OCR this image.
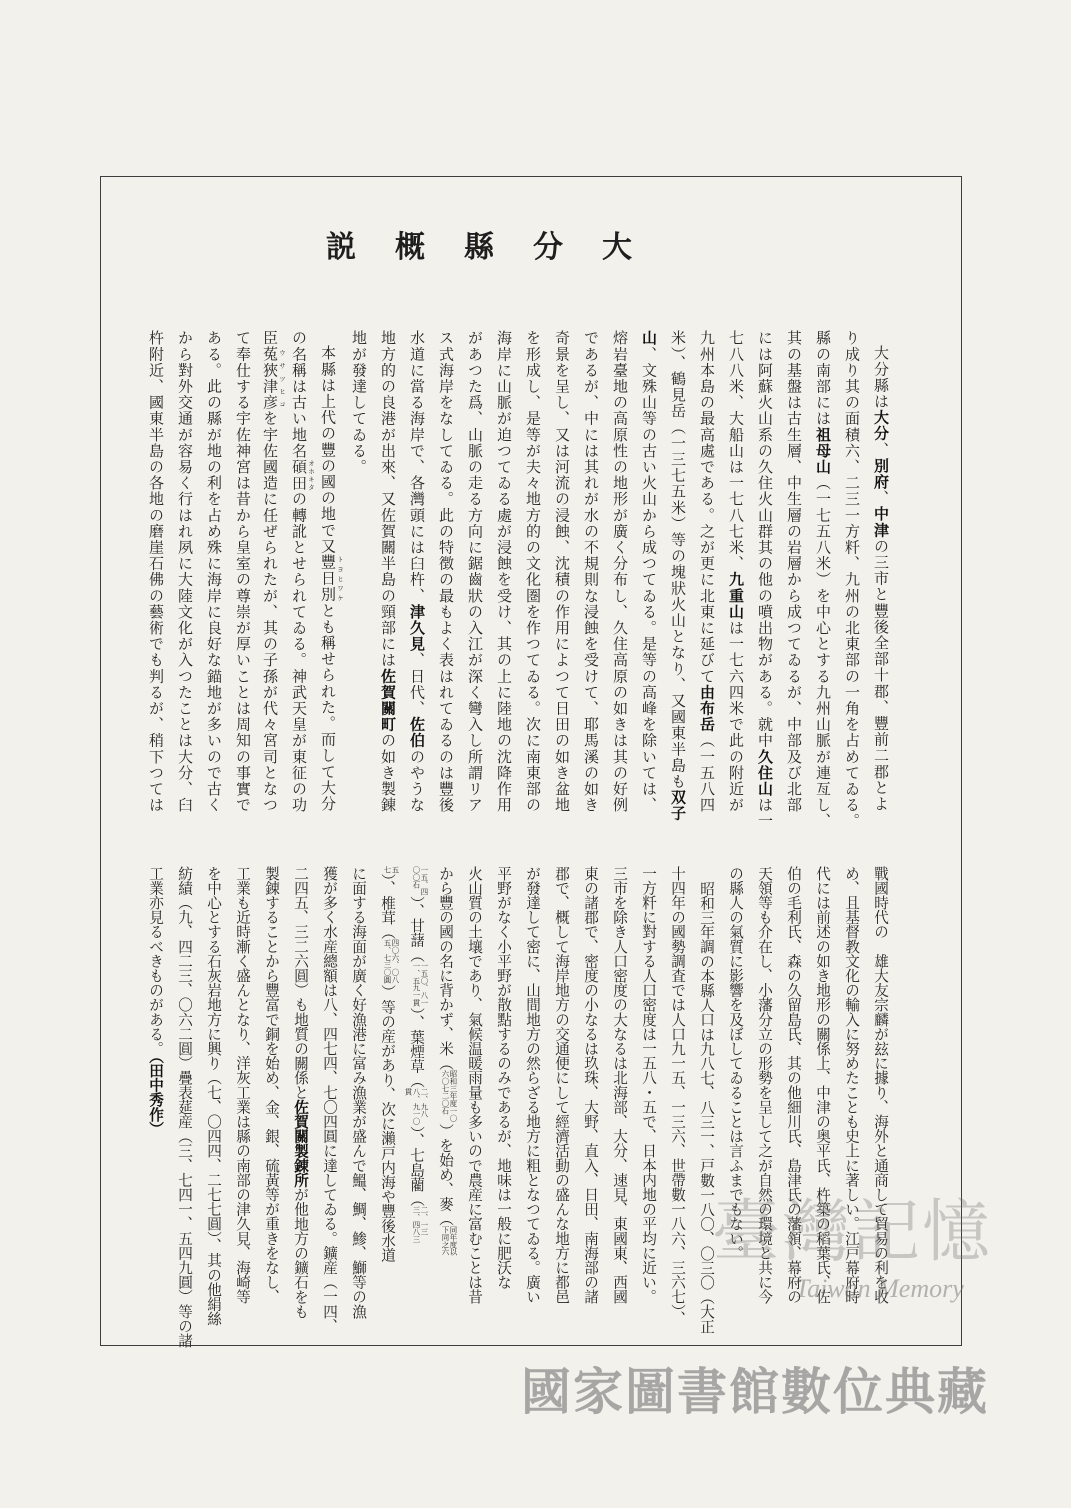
大分縣概説
大分縣は大分、別府、中津の三市と豐後全部十郡、豐前二郡とよ
り成り其の面積六、二三一方粁、九州の北東部の一角を占めてゐる。
縣の南部には祖母山（一七五八米）を中心とする九州山脈が連亙し、
其の基盤は古生層、中生層の岩層から成つてゐるが、中部及び北部
には阿蘇火山系の久住火山群其の他の噴出物がある。就中久住山は一
七八八米、大船山は一七八七米、九重山は一七六四米で此の附近が
九州本島の最高處である。之が更に北東に延びて由布岳（一五八四
米）、鶴見岳（一三七五米）等の塊狀火山となり、又國東半島も双子
山、文殊山等の古い火山から成つてゐる。是等の高峰を除いては、
熔岩臺地の高原性の地形が廣く分布し、久住高原の如きは其の好例
であるが、中には其れが水の不規則な浸蝕を受けて、耶馬溪の如き
奇景を呈し、又は河流の浸蝕、沈積の作用によつて日田の如き盆地
を形成し、是等が夫々地方的の文化圏を作つてゐる。次に南東部の
海岸に山脈が迫つてゐる處が浸蝕を受け、其の上に陸地の沈降作用
があつた爲、山脈の走る方向に鋸齒狀の入江が深く彎入し所謂リア
ス式海岸をなしてゐる。此の特徴の最もよく表はれてゐるのは豐後
水道に當る海岸で、各灣頭には臼杵、津久見、日代、佐伯のやうな
地方的の良港が出來、又佐賀關半島の頸部には佐賀關町の如き製錬
地が發達してゐる。
本縣は上代の豐の國の地で又豐日別 トヨヒワケとも稱せられた。而して大分
の名稱は古い地名碩田 オホキタの轉訛とせられてゐる。神武天皇が東征の功
臣菟狹津彦 ウサツヒコを宇佐國造に任ぜられたが、其の子孫が代々宮司となつ
て奉仕する宇佐神宮は昔から皇室の尊崇が厚いことは周知の事實で
ある。此の縣が地の利を占め殊に海岸に良好な錨地が多いので古く
から對外交通が容易く行はれ夙に大陸文化が入つたことは大分、臼
杵附近、國東半島の各地の磨崖石佛の藝術でも判るが、稍下つては
戰國時代の　雄大友宗麟が玆に據り、海外と通商して貿易の利を收
め、且基督教文化の輸入に努めたことも史上に著しい。江戸幕府時
代には前述の如き地形の關係上、中津の奥平氏、杵築の稻葉氏、佐
伯の毛利氏、森の久留島氏、其の他細川氏、島津氏の藩領、幕府の
天領等も介在し、小藩分立の形勢を呈して之が自然の環境と共に今
の縣人の氣質に影響を及ぼしてゐることは言ふまでもない。
昭和三年調の本縣人口は九八七、八三一、戸數一八〇、〇三〇（大正
十四年の國勢調査では人口九一五、一三六、世帶數一八六、三六七）、
一方粁に對する人口密度は一五八・五で、日本内地の平均に近い。
三市を除き人口密度の大なるは北海部、大分、速見、東國東、西國
東の諸郡で、密度の小なるは玖珠、大野、直入、日田、南海部の諸
郡で、概して海岸地方の交通便にして經濟活動の盛んな地方に都邑
が發達して密に、山間地方の然らざる地方に粗となつてゐる。廣い
平野がなく小平野が散點するのみであるが、地味は一般に肥沃な
火山質の土壤であり、氣候温暖雨量も多いので農産に富むことは昔
から豐の國の名に背かず、米（昭和三年度一〇六〇七二〇石）を始め、麥（同年度以下同之六
一五、四〇〇石）、甘藷（一五〇、八一一、五九一貫）、葉煙草（二、九八八、九一〇貫）、七島藺（二、一三三、四八三
五七）、椎茸（四〇六、〇八五、七三〇圓）等の産があり、次に瀨戸内海や豐後水道
に面する海面が廣く好漁港に富み漁業が盛んで鰮、鯛、鯵、鰤等の漁
獲が多く水産總額は八、四七四、七〇四圓に達してゐる。鑛産（一四、
二四五、三二六圓）も地質の關係と佐賀關製錬所が他地方の鑛石をも
製錬することから豐富で銅を始め、金、銀、硫黃等が重きをなし、
工業も近時漸く盛んとなり、洋灰工業は縣の南部の津久見、海崎等
を中心とする石灰岩地方に興り（七、〇四四、二七七圓）、其の他絹絲
紡績（九、四二三、〇六二圓）疊表莚産（三、七四一、五四九圓）等の諸
工業亦見るべきものがある。（田中秀作）
臺灣記憶
Taiwan Memory
國家圖書館數位典藏
